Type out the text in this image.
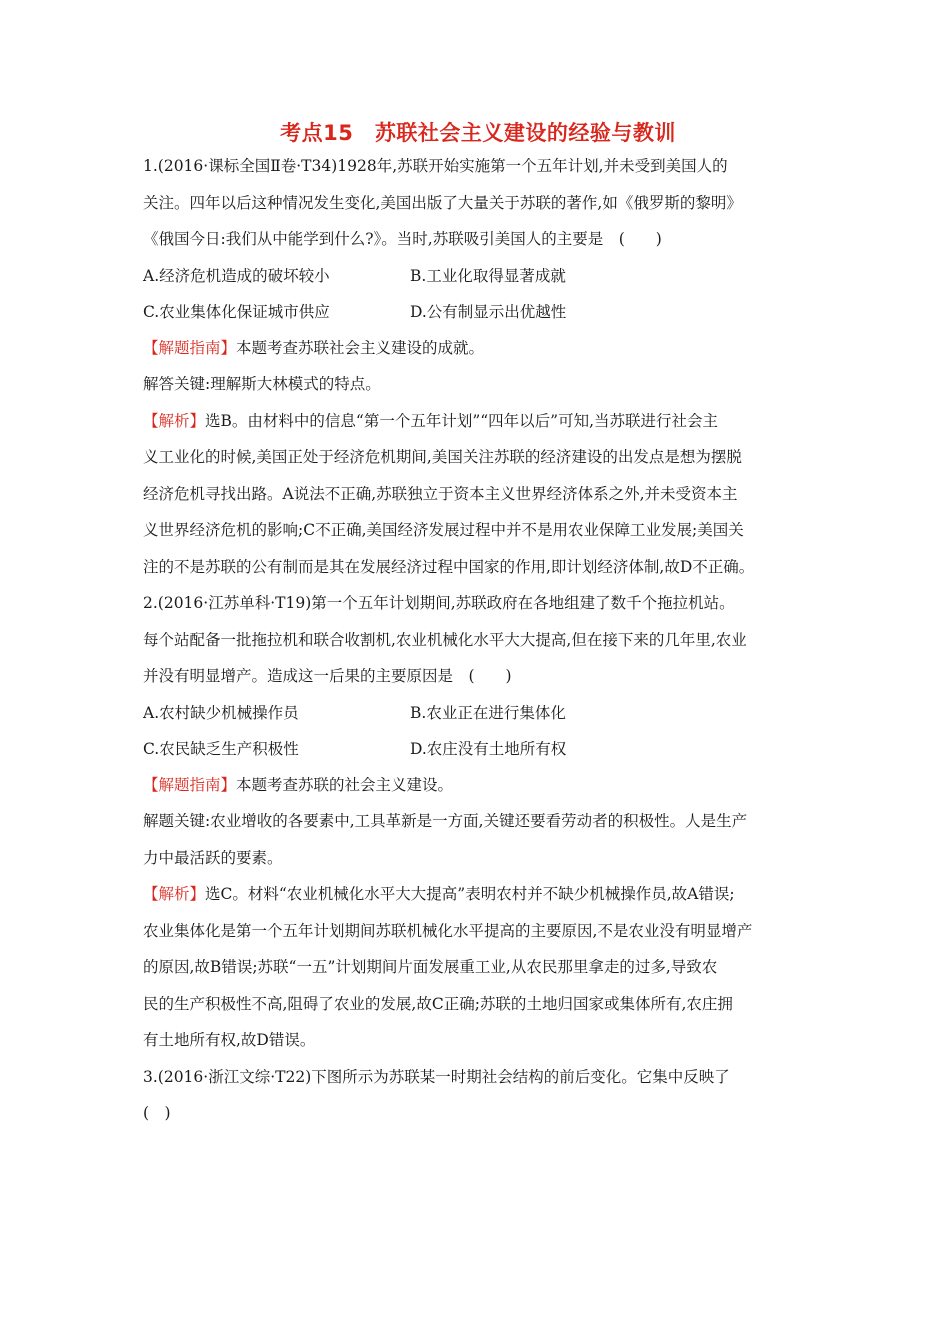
考点15　苏联社会主义建设的经验与教训

1.(2016·课标全国Ⅱ卷·T34)1928年,苏联开始实施第一个五年计划,并未受到美国人的

关注。四年以后这种情况发生变化,美国出版了大量关于苏联的著作,如《俄罗斯的黎明》

《俄国今日:我们从中能学到什么?》。当时,苏联吸引美国人的主要是　(　　)

A.经济危机造成的破坏较小	B.工业化取得显著成就
C.农业集体化保证城市供应	D.公有制显示出优越性

【解题指南】本题考查苏联社会主义建设的成就。

解答关键:理解斯大林模式的特点。

【解析】选B。由材料中的信息“第一个五年计划”“四年以后”可知,当苏联进行社会主

义工业化的时候,美国正处于经济危机期间,美国关注苏联的经济建设的出发点是想为摆脱

经济危机寻找出路。A说法不正确,苏联独立于资本主义世界经济体系之外,并未受资本主

义世界经济危机的影响;C不正确,美国经济发展过程中并不是用农业保障工业发展;美国关

注的不是苏联的公有制而是其在发展经济过程中国家的作用,即计划经济体制,故D不正确。

2.(2016·江苏单科·T19)第一个五年计划期间,苏联政府在各地组建了数千个拖拉机站。

每个站配备一批拖拉机和联合收割机,农业机械化水平大大提高,但在接下来的几年里,农业

并没有明显增产。造成这一后果的主要原因是　(　　)

A.农村缺少机械操作员	B.农业正在进行集体化
C.农民缺乏生产积极性	D.农庄没有土地所有权

【解题指南】本题考查苏联的社会主义建设。

解题关键:农业增收的各要素中,工具革新是一方面,关键还要看劳动者的积极性。人是生产

力中最活跃的要素。

【解析】选C。材料“农业机械化水平大大提高”表明农村并不缺少机械操作员,故A错误;

农业集体化是第一个五年计划期间苏联机械化水平提高的主要原因,不是农业没有明显增产

的原因,故B错误;苏联“一五”计划期间片面发展重工业,从农民那里拿走的过多,导致农

民的生产积极性不高,阻碍了农业的发展,故C正确;苏联的土地归国家或集体所有,农庄拥

有土地所有权,故D错误。

3.(2016·浙江文综·T22)下图所示为苏联某一时期社会结构的前后变化。它集中反映了

(　)
